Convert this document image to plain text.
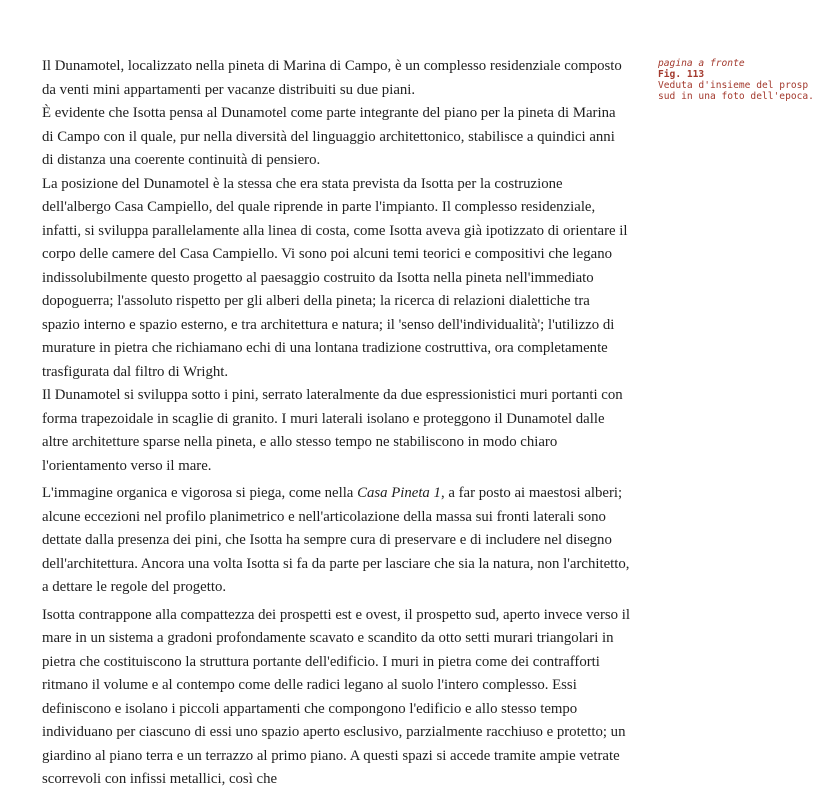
Il Dunamotel, localizzato nella pineta di Marina di Campo, è un complesso residenziale composto da venti mini appartamenti per vacanze distribuiti su due piani.

È evidente che Isotta pensa al Dunamotel come parte integrante del piano per la pineta di Marina di Campo con il quale, pur nella diversità del linguaggio architettonico, stabilisce a quindici anni di distanza una coerente continuità di pensiero.

La posizione del Dunamotel è la stessa che era stata prevista da Isotta per la costruzione dell'albergo Casa Campiello, del quale riprende in parte l'impianto. Il complesso residenziale, infatti, si sviluppa parallelamente alla linea di costa, come Isotta aveva già ipotizzato di orientare il corpo delle camere del Casa Campiello. Vi sono poi alcuni temi teorici e compositivi che legano indissolubilmente questo progetto al paesaggio costruito da Isotta nella pineta nell'immediato dopoguerra; l'assoluto rispetto per gli alberi della pineta; la ricerca di relazioni dialettiche tra spazio interno e spazio esterno, e tra architettura e natura; il 'senso dell'individualità'; l'utilizzo di murature in pietra che richiamano echi di una lontana tradizione costruttiva, ora completamente trasfigurata dal filtro di Wright.

Il Dunamotel si sviluppa sotto i pini, serrato lateralmente da due espressionistici muri portanti con forma trapezoidale in scaglie di granito. I muri laterali isolano e proteggono il Dunamotel dalle altre architetture sparse nella pineta, e allo stesso tempo ne stabiliscono in modo chiaro l'orientamento verso il mare.

L'immagine organica e vigorosa si piega, come nella Casa Pineta 1, a far posto ai maestosi alberi; alcune eccezioni nel profilo planimetrico e nell'articolazione della massa sui fronti laterali sono dettate dalla presenza dei pini, che Isotta ha sempre cura di preservare e di includere nel disegno dell'architettura. Ancora una volta Isotta si fa da parte per lasciare che sia la natura, non l'architetto, a dettare le regole del progetto.

Isotta contrappone alla compattezza dei prospetti est e ovest, il prospetto sud, aperto invece verso il mare in un sistema a gradoni profondamente scavato e scandito da otto setti murari triangolari in pietra che costituiscono la struttura portante dell'edificio. I muri in pietra come dei contrafforti ritmano il volume e al contempo come delle radici legano al suolo l'intero complesso. Essi definiscono e isolano i piccoli appartamenti che compongono l'edificio e allo stesso tempo individuano per ciascuno di essi uno spazio aperto esclusivo, parzialmente racchiuso e protetto; un giardino al piano terra e un terrazzo al primo piano. A questi spazi si accede tramite ampie vetrate scorrevoli con infissi metallici, così che

pagina a fronte
Fig. 113
Veduta d'insieme del prosp
sud in una foto dell'epoca.
